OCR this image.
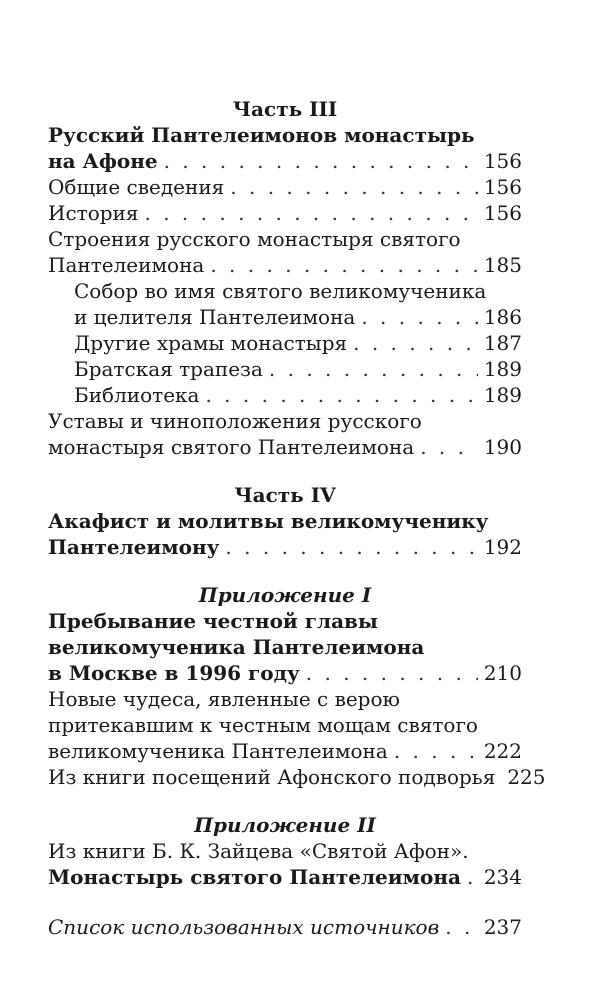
Часть III
Русский Пантелеимонов монастырь
на Афоне . . .	156
Общие сведения . . .	156
История . . .	156
Строения русского монастыря святого
Пантелеимона . . .	185
Собор во имя святого великомученика
и целителя Пантелеимона . . .	186
Другие храмы монастыря . . .	187
Братская трапеза . . .	189
Библиотека . . .	189
Уставы и чиноположения русского
монастыря святого Пантелеимона . . .	190
Часть IV
Акафист и молитвы великомученику
Пантелеимону . . .	192
Приложение I
Пребывание честной главы
великомученика Пантелеимона
в Москве в 1996 году . . .	210
Новые чудеса, явленные с верою
притекавшим к честным мощам святого
великомученика Пантелеимона . . .	222
Из книги посещений Афонского подворья 225
Приложение II
Из книги Б. К. Зайцева «Святой Афон».
Монастырь святого Пантелеимона . . . 234
Список использованных источников . . . 237
